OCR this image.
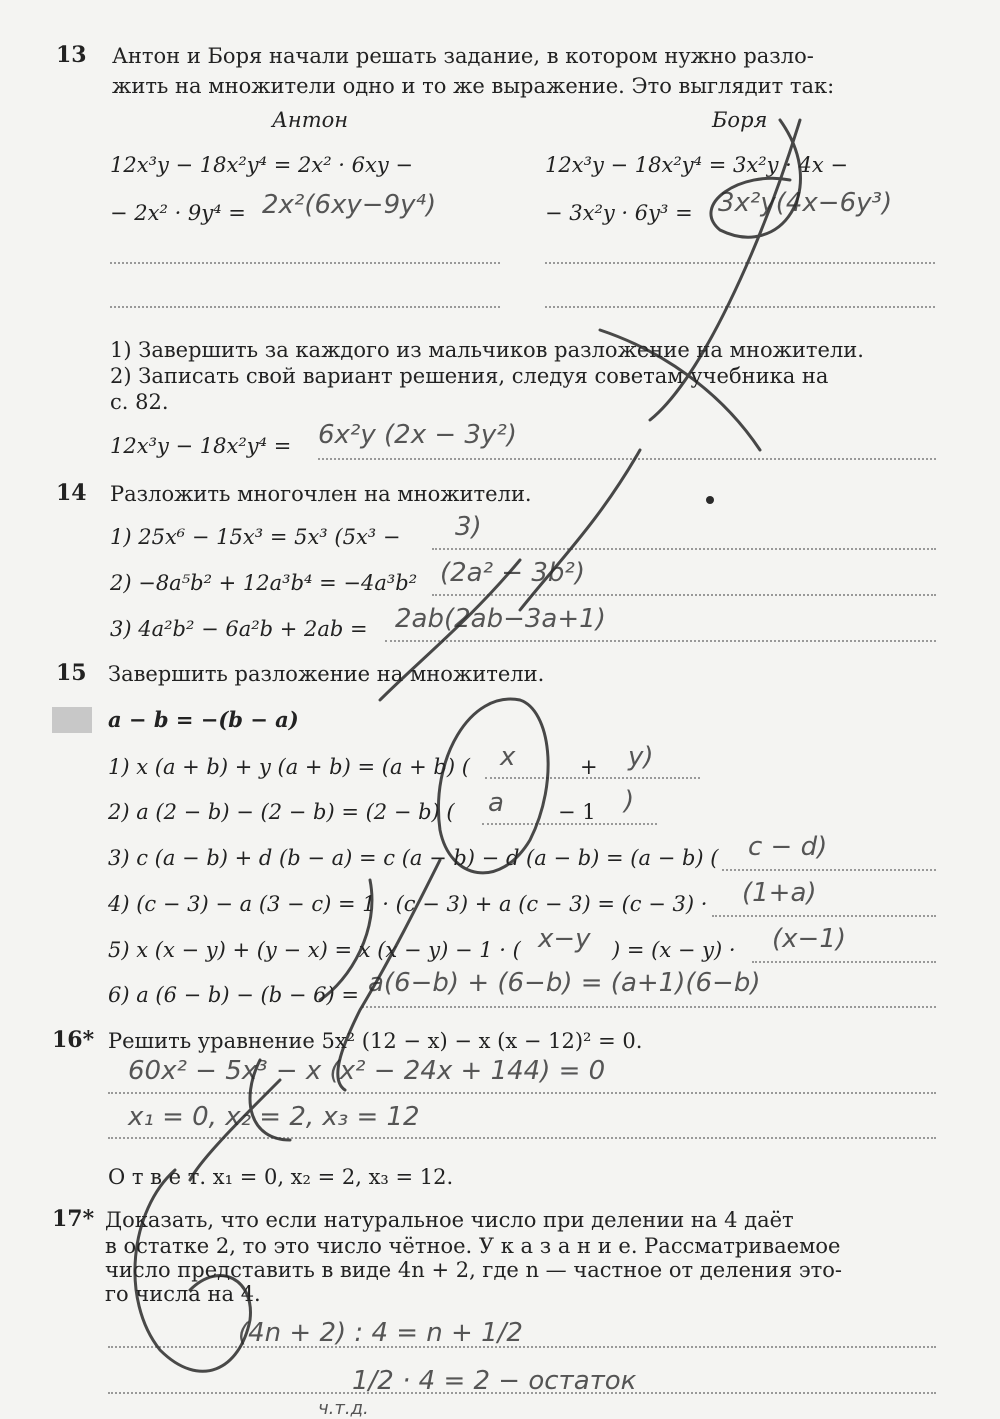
13 Антон и Боря начали решать задание, в котором нужно разло-
жить на множители одно и то же выражение. Это выглядит так:
Антон	Боря
12x³y − 18x²y⁴ = 2x² · 6xy −
− 2x² · 9y⁴ = 2x²(6xy−9y⁴)
12x³y − 18x²y⁴ = 3x²y · 4x −
− 3x²y · 6y³ = 3x²y(4x−6y³)
1) Завершить за каждого из мальчиков разложение на множители.
2) Записать свой вариант решения, следуя советам учебника на
с. 82.
12x³y − 18x²y⁴ = 6x²y (2x − 3y²)
14 Разложить многочлен на множители.
1) 25x⁶ − 15x³ = 5x³ (5x³ − 3)
2) −8a⁵b² + 12a³b⁴ = −4a³b² (2a² − 3b²)
3) 4a²b² − 6a²b + 2ab = 2ab(2ab−3a+1)
15 Завершить разложение на множители.
a − b = −(b − a)
1) x (a + b) + y (a + b) = (a + b) ( x	+ y)
2) a (2 − b) − (2 − b) = (2 − b) ( a	− 1 )
3) c (a − b) + d (b − a) = c (a − b) − d (a − b) = (a − b) ( c − d)
4) (c − 3) − a (3 − c) = 1 · (c − 3) + a (c − 3) = (c − 3) · (1+a)
5) x (x − y) + (y − x) = x (x − y) − 1 · ( x−y ) = (x − y) · (x−1)
6) a (6 − b) − (b − 6) = a(6−b) + (6−b) = (a+1)(6−b)
16* Решить уравнение 5x² (12 − x) − x (x − 12)² = 0.
60x² − 5x³ − x (x² − 24x + 144) = 0
x₁ = 0, x₂ = 2, x₃ = 12
О т в е т. x₁ = 0, x₂ = 2, x₃ = 12.
17* Доказать, что если натуральное число при делении на 4 даёт
в остатке 2, то это число чётное. У к а з а н и е. Рассматриваемое
число представить в виде 4n + 2, где n — частное от деления это-
го числа на 4.
(4n + 2) : 4 = n + 1/2
1/2 · 4 = 2 − остаток
ч.т.д.
